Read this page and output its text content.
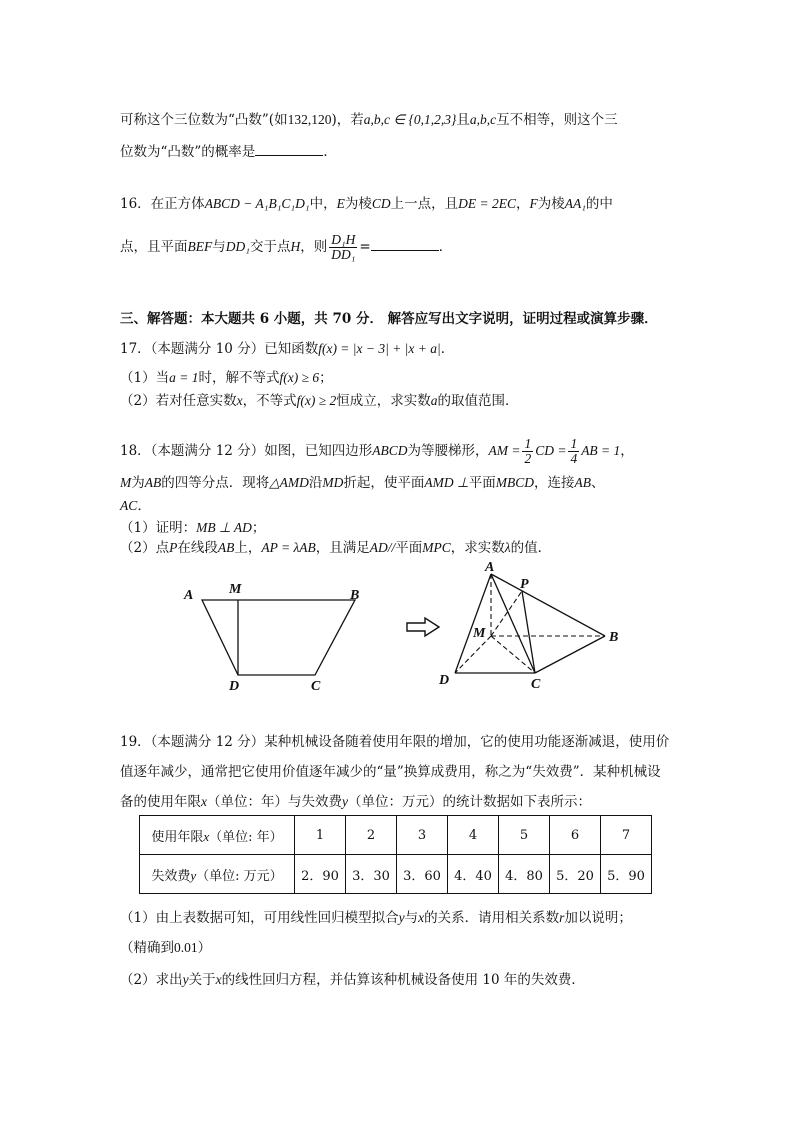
可称这个三位数为“凸数”(如132,120)，若a,b,c ∈ {0,1,2,3}且a,b,c互不相等，则这个三
位数为“凸数”的概率是	．
16．在正方体ABCD − A₁B₁C₁D₁中，E为棱CD上一点，且DE = 2EC，F为棱AA₁的中
点，且平面BEF与DD₁交于点H，则 $\frac{\text{D₁H}}{\text{DD₁}}$ =	．
三、解答题：本大题共 6 小题，共 70 分． 解答应写出文字说明，证明过程或演算步骤．
17．（本题满分 10 分）已知函数f(x) = |x − 3| + |x + a|．
（1）当a = 1时，解不等式f(x) ≥ 6；
（2）若对任意实数x，不等式f(x) ≥ 2恒成立，求实数a的取值范围．
18．（本题满分 12 分）如图，已知四边形ABCD为等腰梯形，AM = $\frac{1}{2}$ CD = $\frac{1}{4}$ AB = 1，
M为AB的四等分点．现将△AMD沿MD折起，使平面AMD ⊥平面MBCD，连接AB、
AC．
（1）证明：MB ⊥ AD；
（2）点P在线段AB上，AP = λAB，且满足AD//平面MPC，求实数λ的值．
A	M	B
D	C
A
P
M	B
D	C
19．（本题满分 12 分）某种机械设备随着使用年限的增加，它的使用功能逐渐减退，使用价
值逐年减少，通常把它使用价值逐年减少的“量”换算成费用，称之为“失效费”．某种机械设
备的使用年限x（单位：年）与失效费y（单位：万元）的统计数据如下表所示：
使用年限x（单位: 年）	1	2	3	4	5	6	7
失效费y（单位: 万元）	2．90	3．30	3．60	4．40	4．80	5．20	5．90
（1）由上表数据可知，可用线性回归模型拟合y与x的关系．请用相关系数r加以说明；
（精确到0.01）
（2）求出y关于x的线性回归方程，并估算该种机械设备使用 10 年的失效费．
